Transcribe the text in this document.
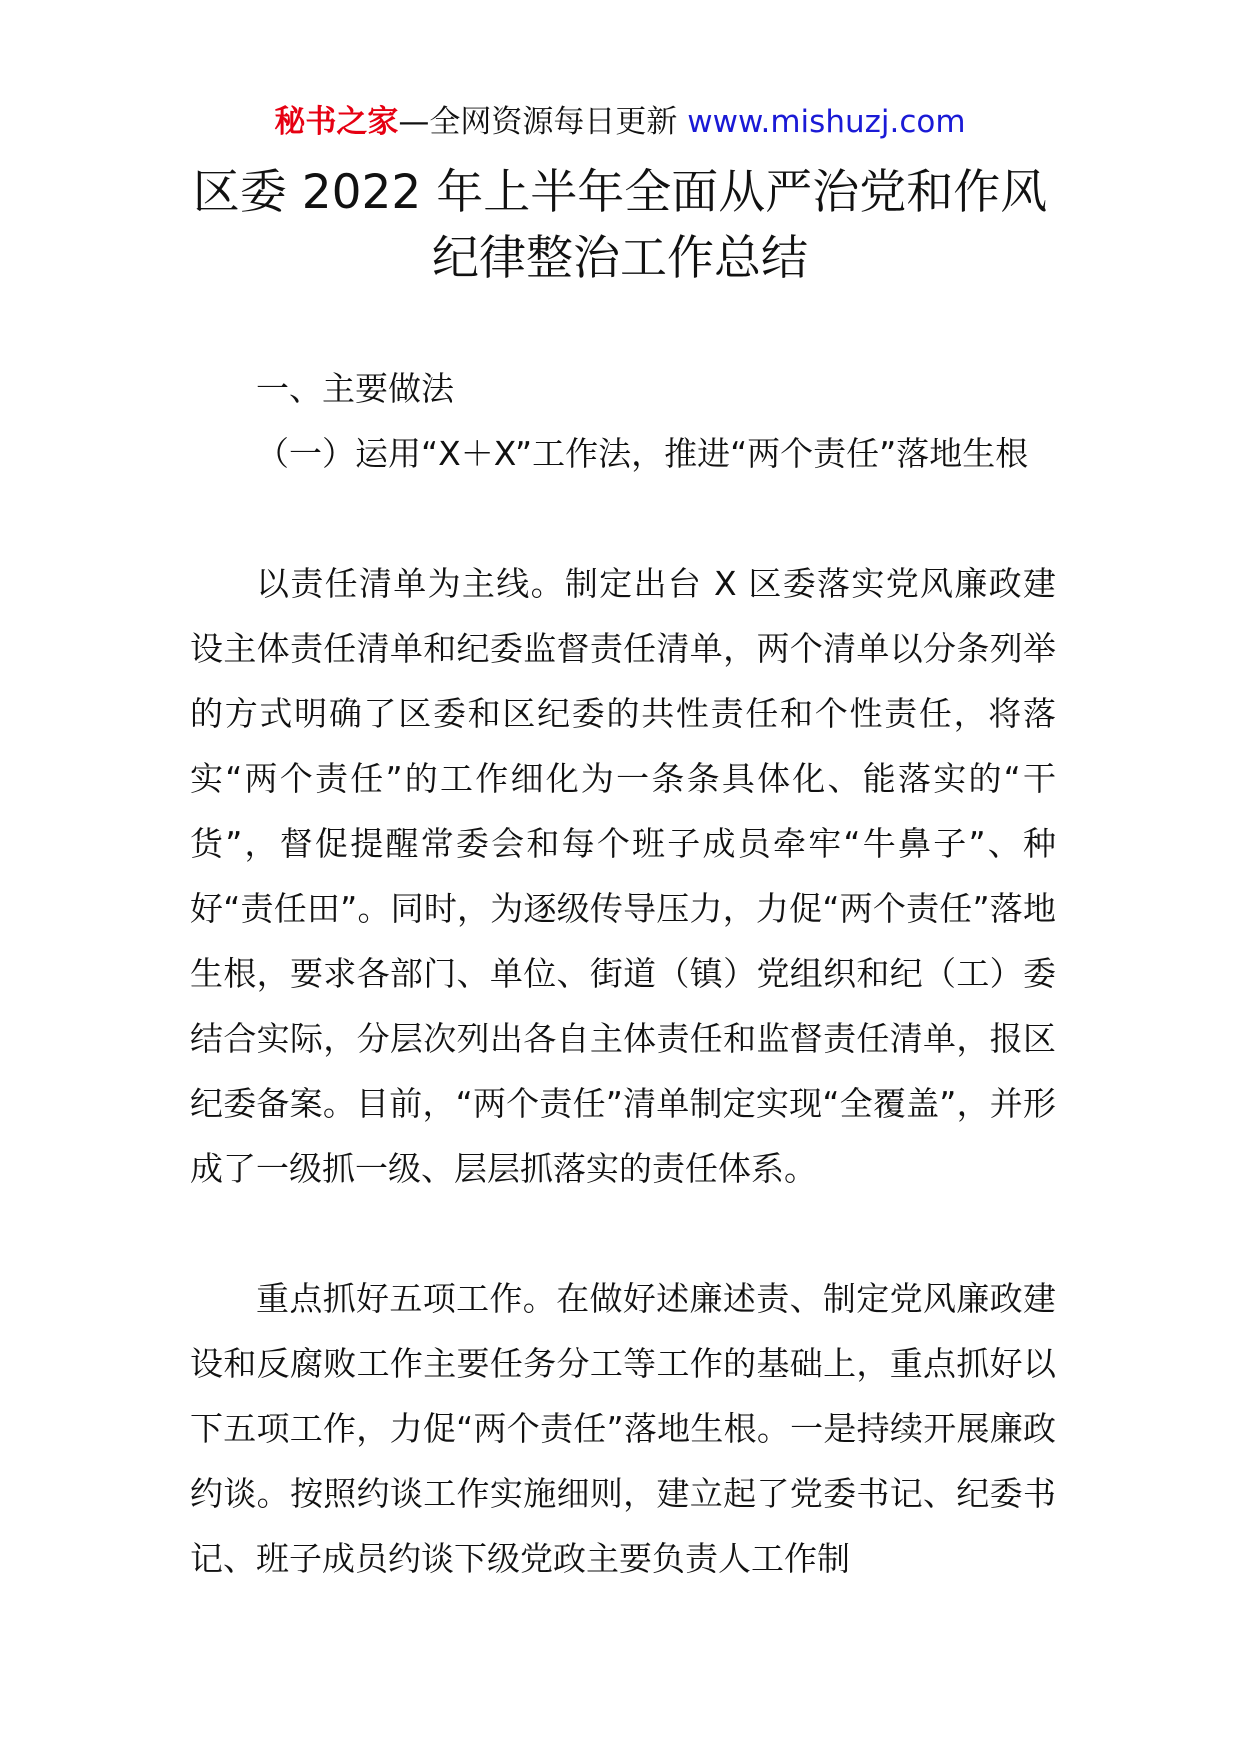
秘书之家—全网资源每日更新 www.mishuzj.com
区委 2022 年上半年全面从严治党和作风
纪律整治工作总结
一、主要做法
（一）运用“X＋X”工作法，推进“两个责任”落地生根

以责任清单为主线。制定出台 X 区委落实党风廉政建设主体责任清单和纪委监督责任清单，两个清单以分条列举的方式明确了区委和区纪委的共性责任和个性责任，将落实“两个责任”的工作细化为一条条具体化、能落实的“干货”，督促提醒常委会和每个班子成员牵牢“牛鼻子”、种好“责任田”。同时，为逐级传导压力，力促“两个责任”落地生根，要求各部门、单位、街道（镇）党组织和纪（工）委结合实际，分层次列出各自主体责任和监督责任清单，报区纪委备案。目前，“两个责任”清单制定实现“全覆盖”，并形成了一级抓一级、层层抓落实的责任体系。

重点抓好五项工作。在做好述廉述责、制定党风廉政建设和反腐败工作主要任务分工等工作的基础上，重点抓好以下五项工作，力促“两个责任”落地生根。一是持续开展廉政约谈。按照约谈工作实施细则，建立起了党委书记、纪委书记、班子成员约谈下级党政主要负责人工作制
